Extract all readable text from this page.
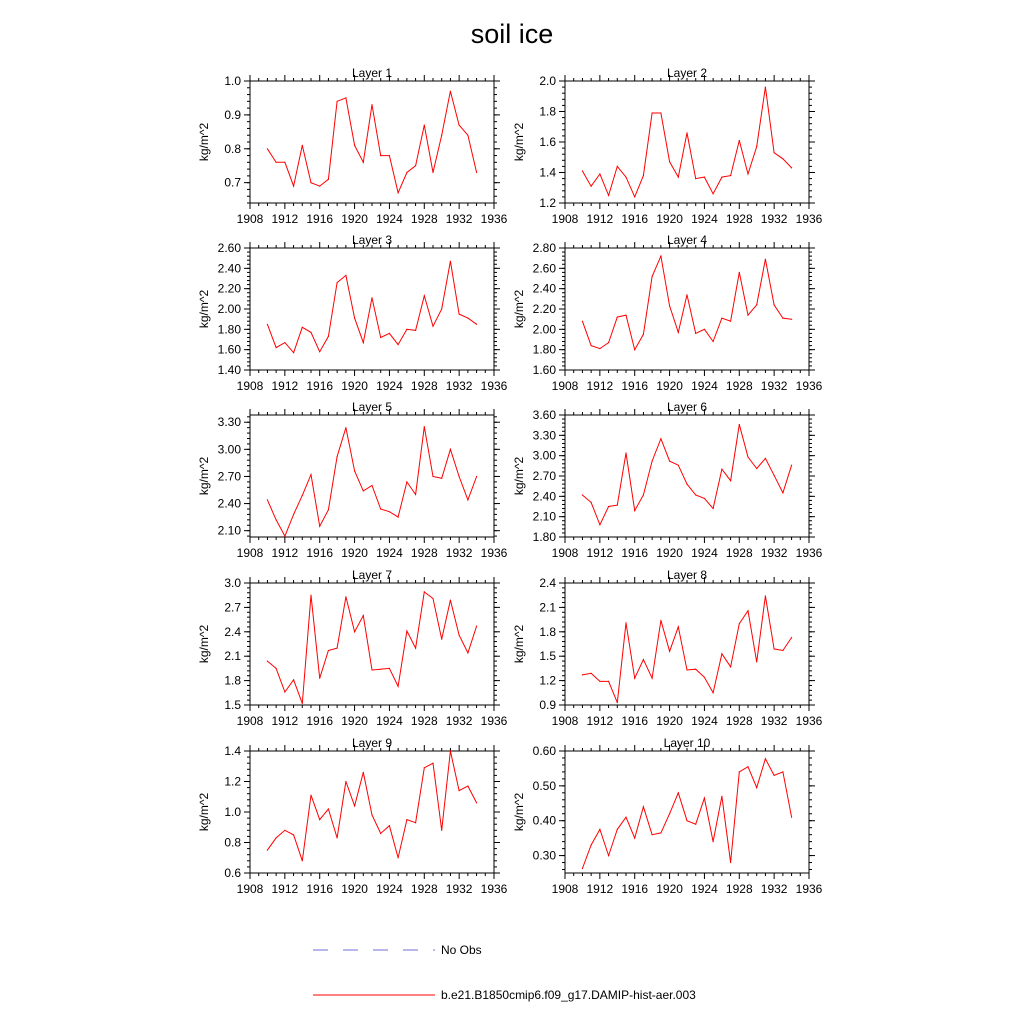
soil ice
Layer 1
1908 1912 1916 1920 1924 1928 1932 1936
0.7
0.8
0.9
1.0
kg/m^2
Layer 2
1908 1912 1916 1920 1924 1928 1932 1936
1.2
1.4
1.6
1.8
2.0
kg/m^2
Layer 3
1908 1912 1916 1920 1924 1928 1932 1936
1.40
1.60
1.80
2.00
2.20
2.40
2.60
kg/m^2
Layer 4
1908 1912 1916 1920 1924 1928 1932 1936
1.60
1.80
2.00
2.20
2.40
2.60
2.80
kg/m^2
Layer 5
1908 1912 1916 1920 1924 1928 1932 1936
2.10
2.40
2.70
3.00
3.30
kg/m^2
Layer 6
1908 1912 1916 1920 1924 1928 1932 1936
1.80
2.10
2.40
2.70
3.00
3.30
3.60
kg/m^2
Layer 7
1908 1912 1916 1920 1924 1928 1932 1936
1.5
1.8
2.1
2.4
2.7
3.0
kg/m^2
Layer 8
1908 1912 1916 1920 1924 1928 1932 1936
0.9
1.2
1.5
1.8
2.1
2.4
kg/m^2
Layer 9
1908 1912 1916 1920 1924 1928 1932 1936
0.6
0.8
1.0
1.2
1.4
kg/m^2
Layer 10
1908 1912 1916 1920 1924 1928 1932 1936
0.30
0.40
0.50
0.60
kg/m^2
No Obs
b.e21.B1850cmip6.f09_g17.DAMIP-hist-aer.003
